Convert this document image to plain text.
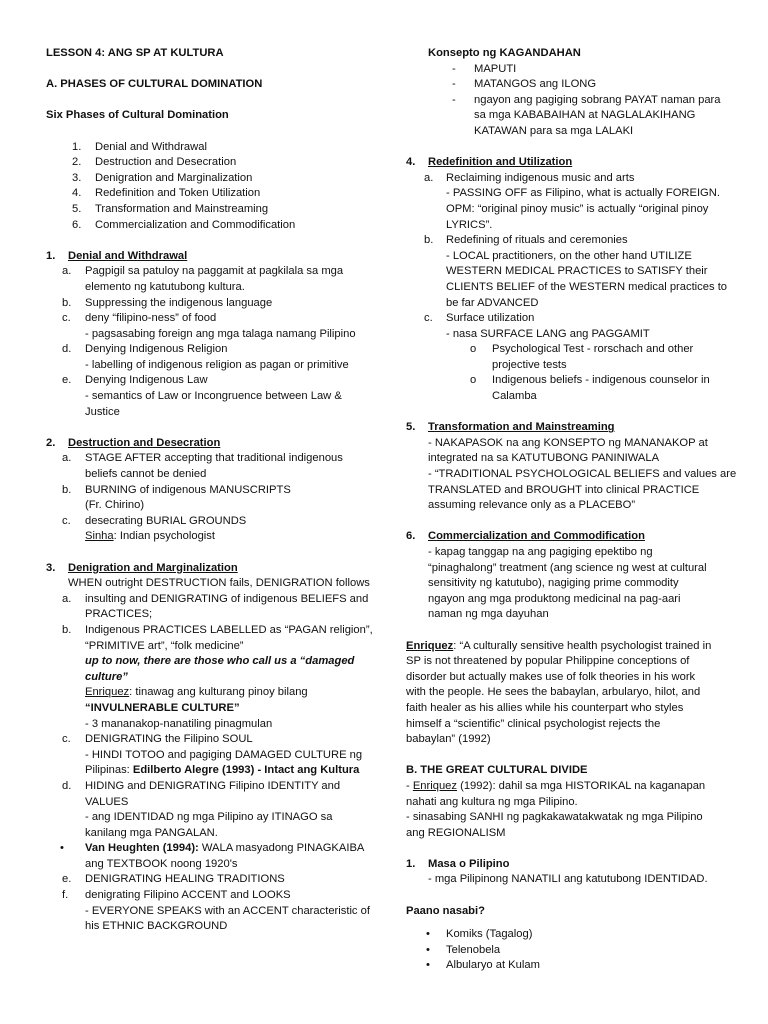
LESSON 4: ANG SP AT KULTURA
A. PHASES OF CULTURAL DOMINATION
Six Phases of Cultural Domination
1. Denial and Withdrawal
2. Destruction and Desecration
3. Denigration and Marginalization
4. Redefinition and Token Utilization
5. Transformation and Mainstreaming
6. Commercialization and Commodification
1. Denial and Withdrawal
a. Pagpigil sa patuloy na paggamit at pagkilala sa mga
elemento ng katutubong kultura.
b. Suppressing the indigenous language
c. deny “filipino-ness” of food
- pagsasabing foreign ang mga talaga namang Pilipino
d. Denying Indigenous Religion
- labelling of indigenous religion as pagan or primitive
e. Denying Indigenous Law
- semantics of Law or Incongruence between Law &
Justice
2. Destruction and Desecration
a. STAGE AFTER accepting that traditional indigenous
beliefs cannot be denied
b. BURNING of indigenous MANUSCRIPTS
(Fr. Chirino)
c. desecrating BURIAL GROUNDS
Sinha: Indian psychologist
3. Denigration and Marginalization
WHEN outright DESTRUCTION fails, DENIGRATION follows
a. insulting and DENIGRATING of indigenous BELIEFS and
PRACTICES;
b. Indigenous PRACTICES LABELLED as “PAGAN religion”,
“PRIMITIVE art”, “folk medicine”
up to now, there are those who call us a “damaged
culture”
Enriquez: tinawag ang kulturang pinoy bilang
“INVULNERABLE CULTURE”
- 3 mananakop-nanatiling pinagmulan
c. DENIGRATING the Filipino SOUL
- HINDI TOTOO and pagiging DAMAGED CULTURE ng
Pilipinas: Edilberto Alegre (1993) - Intact ang Kultura
d. HIDING and DENIGRATING Filipino IDENTITY and
VALUES
- ang IDENTIDAD ng mga Pilipino ay ITINAGO sa
kanilang mga PANGALAN.
• Van Heughten (1994): WALA masyadong PINAGKAIBA
ang TEXTBOOK noong 1920's
e. DENIGRATING HEALING TRADITIONS
f. denigrating Filipino ACCENT and LOOKS
- EVERYONE SPEAKS with an ACCENT characteristic of
his ETHNIC BACKGROUND
Konsepto ng KAGANDAHAN
- MAPUTI
- MATANGOS ang ILONG
- ngayon ang pagiging sobrang PAYAT naman para
sa mga KABABAIHAN at NAGLALAKIHANG
KATAWAN para sa mga LALAKI
4. Redefinition and Utilization
a. Reclaiming indigenous music and arts
- PASSING OFF as Filipino, what is actually FOREIGN.
OPM: “original pinoy music” is actually “original pinoy
LYRICS”.
b. Redefining of rituals and ceremonies
- LOCAL practitioners, on the other hand UTILIZE
WESTERN MEDICAL PRACTICES to SATISFY their
CLIENTS BELIEF of the WESTERN medical practices to
be far ADVANCED
c. Surface utilization
- nasa SURFACE LANG ang PAGGAMIT
o Psychological Test - rorschach and other
projective tests
o Indigenous beliefs - indigenous counselor in
Calamba
5. Transformation and Mainstreaming
- NAKAPASOK na ang KONSEPTO ng MANANAKOP at
integrated na sa KATUTUBONG PANINIWALA
- “TRADITIONAL PSYCHOLOGICAL BELIEFS and values are
TRANSLATED and BROUGHT into clinical PRACTICE
assuming relevance only as a PLACEBO”
6. Commercialization and Commodification
- kapag tanggap na ang pagiging epektibo ng
“pinaghalong” treatment (ang science ng west at cultural
sensitivity ng katutubo), nagiging prime commodity
ngayon ang mga produktong medicinal na pag-aari
naman ng mga dayuhan
Enriquez: “A culturally sensitive health psychologist trained in
SP is not threatened by popular Philippine conceptions of
disorder but actually makes use of folk theories in his work
with the people. He sees the babaylan, arbularyo, hilot, and
faith healer as his allies while his counterpart who styles
himself a “scientific” clinical psychologist rejects the
babaylan” (1992)
B. THE GREAT CULTURAL DIVIDE
- Enriquez (1992): dahil sa mga HISTORIKAL na kaganapan
nahati ang kultura ng mga Pilipino.
- sinasabing SANHI ng pagkakawatakwatak ng mga Pilipino
ang REGIONALISM
1. Masa o Pilipino
- mga Pilipinong NANATILI ang katutubong IDENTIDAD.
Paano nasabi?
• Komiks (Tagalog)
• Telenobela
• Albularyo at Kulam
